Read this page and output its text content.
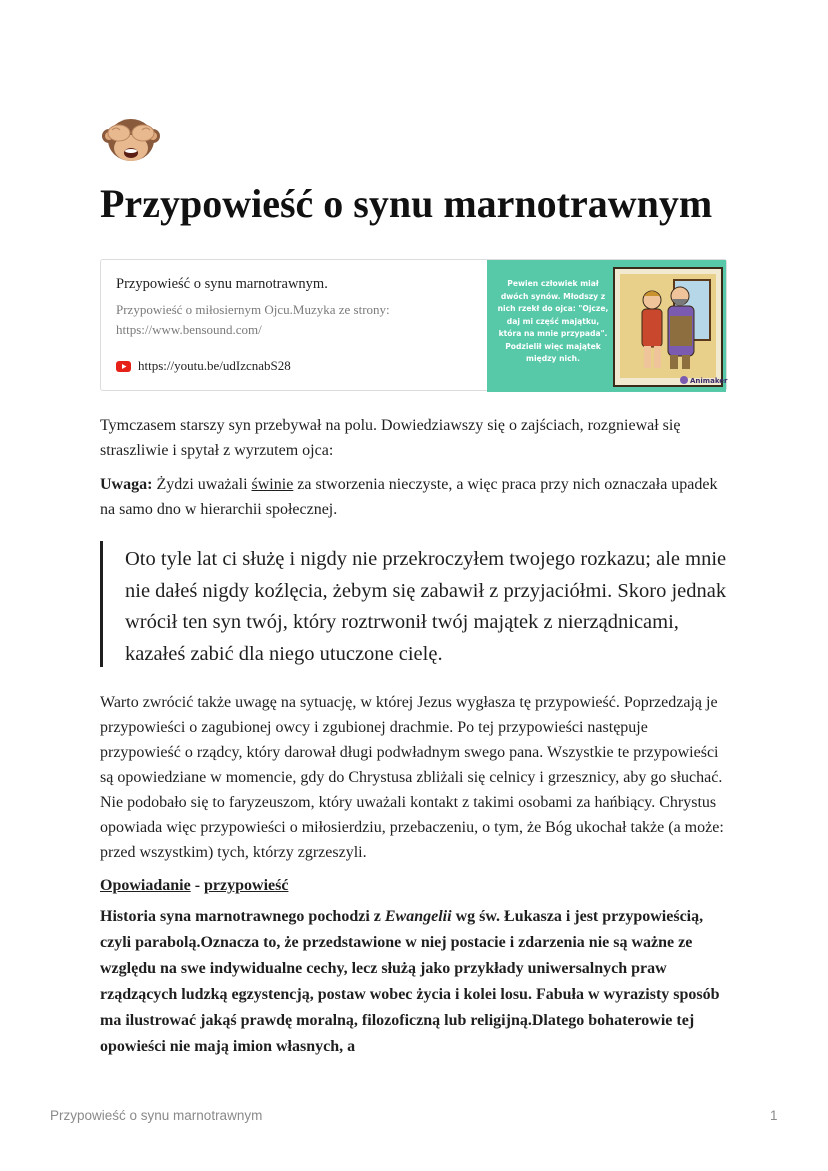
Przypowieść o synu marnotrawnym
Przypowieść o synu marnotrawnym.
Przypowieść o miłosiernym Ojcu.Muzyka ze strony: https://www.bensound.com/
https://youtu.be/udIzcnabS28
Pewien człowiek miał dwóch synów. Młodszy z nich rzekł do ojca: "Ojcze, daj mi część majątku, która na mnie przypada". Podzielił więc majątek między nich.
Animaker

Tymczasem starszy syn przebywał na polu. Dowiedziawszy się o zajściach, rozgniewał się straszliwie i spytał z wyrzutem ojca:

Uwaga: Żydzi uważali świnie za stworzenia nieczyste, a więc praca przy nich oznaczała upadek na samo dno w hierarchii społecznej.

Oto tyle lat ci służę i nigdy nie przekroczyłem twojego rozkazu; ale mnie nie dałeś nigdy koźlęcia, żebym się zabawił z przyjaciółmi. Skoro jednak wrócił ten syn twój, który roztrwonił twój majątek z nierządnicami, kazałeś zabić dla niego utuczone cielę.

Warto zwrócić także uwagę na sytuację, w której Jezus wygłasza tę przypowieść. Poprzedzają je przypowieści o zagubionej owcy i zgubionej drachmie. Po tej przypowieści następuje przypowieść o rządcy, który darował długi podwładnym swego pana. Wszystkie te przypowieści są opowiedziane w momencie, gdy do Chrystusa zbliżali się celnicy i grzesznicy, aby go słuchać. Nie podobało się to faryzeuszom, który uważali kontakt z takimi osobami za hańbiący. Chrystus opowiada więc przypowieści o miłosierdziu, przebaczeniu, o tym, że Bóg ukochał także (a może: przed wszystkim) tych, którzy zgrzeszyli.

Opowiadanie - przypowieść

Historia syna marnotrawnego pochodzi z Ewangelii wg św. Łukasza i jest przypowieścią, czyli parabolą.Oznacza to, że przedstawione w niej postacie i zdarzenia nie są ważne ze względu na swe indywidualne cechy, lecz służą jako przykłady uniwersalnych praw rządzących ludzką egzystencją, postaw wobec życia i kolei losu. Fabuła w wyrazisty sposób ma ilustrować jakąś prawdę moralną, filozoficzną lub religijną.Dlatego bohaterowie tej opowieści nie mają imion własnych, a

Przypowieść o synu marnotrawnym	1
